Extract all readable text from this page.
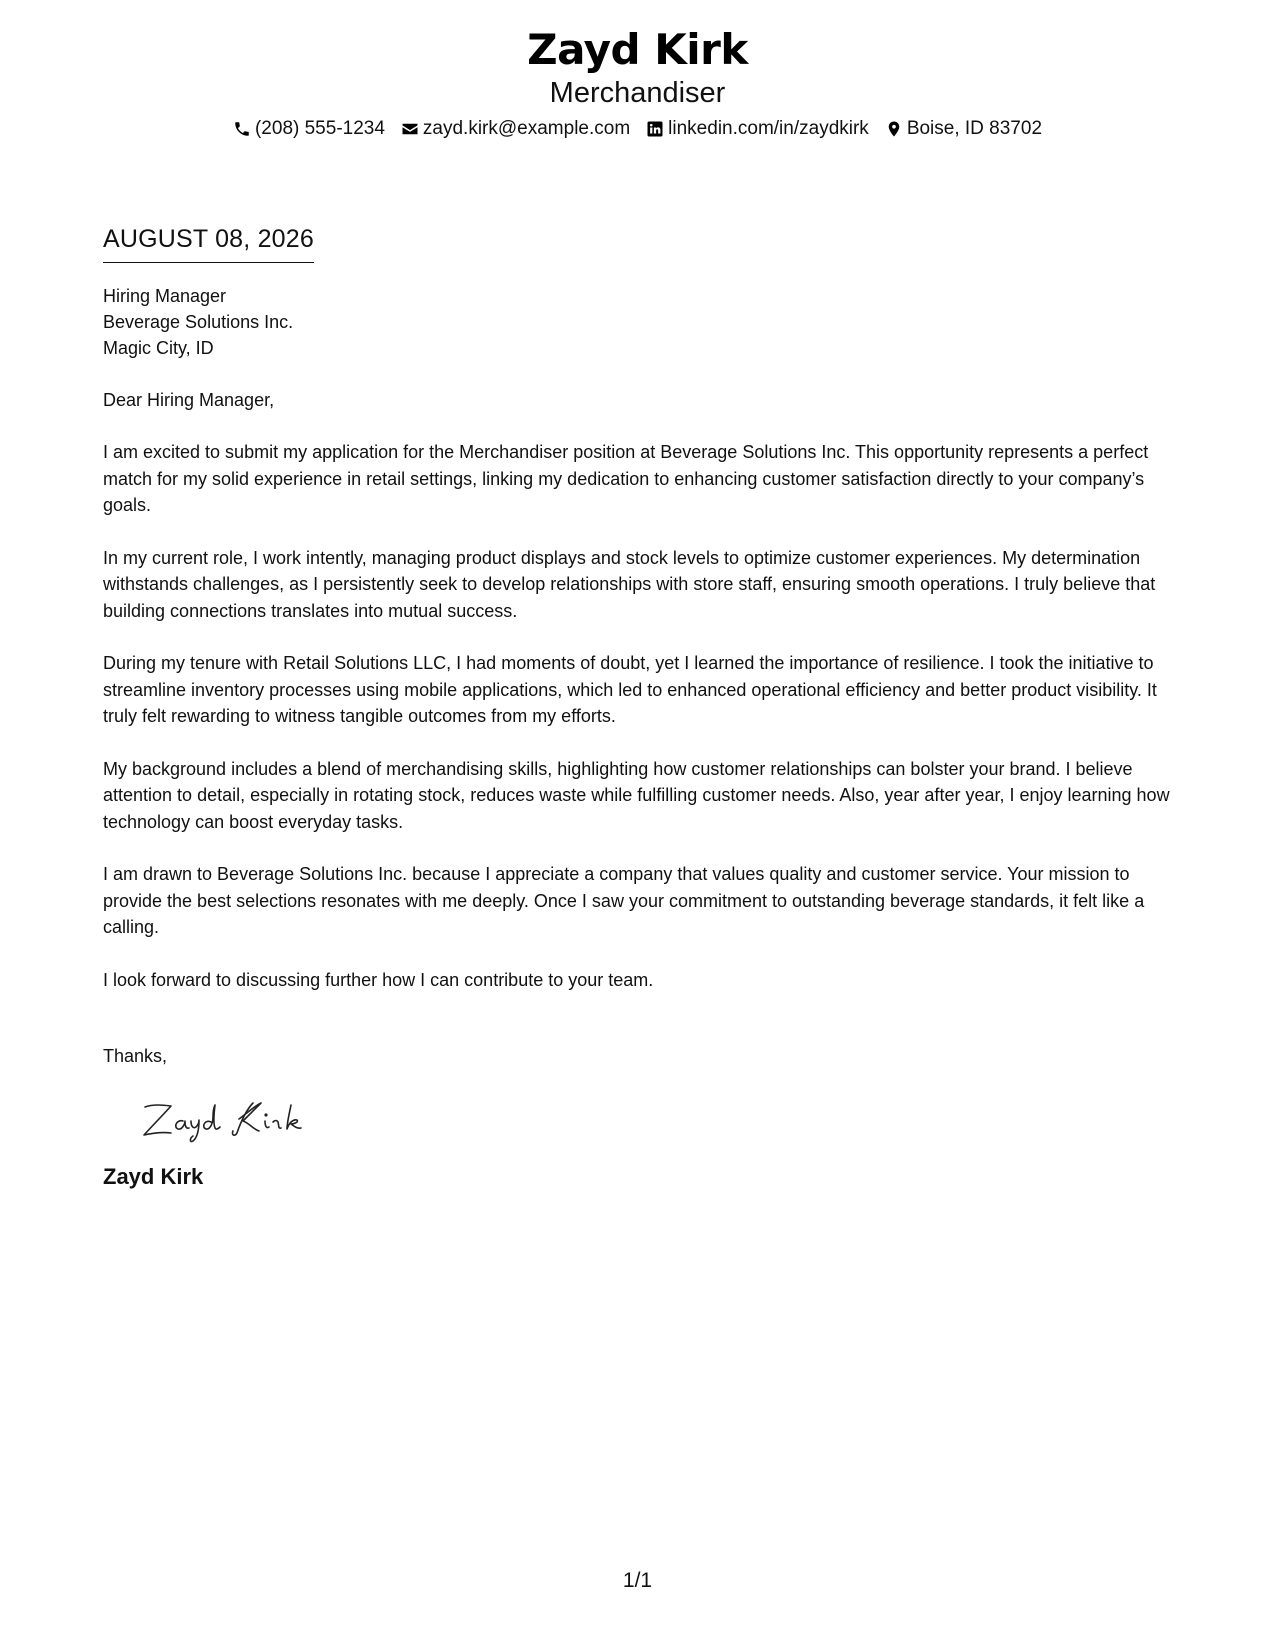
Zayd Kirk
Merchandiser
(208) 555-1234 zayd.kirk@example.com linkedin.com/in/zaydkirk Boise, ID 83702
AUGUST 08, 2026
Hiring Manager
Beverage Solutions Inc.
Magic City, ID
Dear Hiring Manager,
I am excited to submit my application for the Merchandiser position at Beverage Solutions Inc. This opportunity represents a perfect match for my solid experience in retail settings, linking my dedication to enhancing customer satisfaction directly to your company’s goals.
In my current role, I work intently, managing product displays and stock levels to optimize customer experiences. My determination withstands challenges, as I persistently seek to develop relationships with store staff, ensuring smooth operations. I truly believe that building connections translates into mutual success.
During my tenure with Retail Solutions LLC, I had moments of doubt, yet I learned the importance of resilience. I took the initiative to streamline inventory processes using mobile applications, which led to enhanced operational efficiency and better product visibility. It truly felt rewarding to witness tangible outcomes from my efforts.
My background includes a blend of merchandising skills, highlighting how customer relationships can bolster your brand. I believe attention to detail, especially in rotating stock, reduces waste while fulfilling customer needs. Also, year after year, I enjoy learning how technology can boost everyday tasks.
I am drawn to Beverage Solutions Inc. because I appreciate a company that values quality and customer service. Your mission to provide the best selections resonates with me deeply. Once I saw your commitment to outstanding beverage standards, it felt like a calling.
I look forward to discussing further how I can contribute to your team.
Thanks,
Zayd Kirk
1/1
